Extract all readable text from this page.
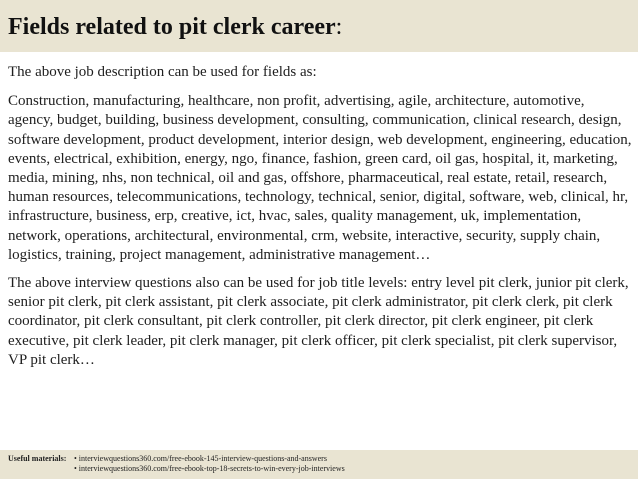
Fields related to pit clerk career:

The above job description can be used for fields as:

Construction, manufacturing, healthcare, non profit, advertising, agile, architecture, automotive, agency, budget, building, business development, consulting, communication, clinical research, design, software development, product development, interior design, web development, engineering, education, events, electrical, exhibition, energy, ngo, finance, fashion, green card, oil gas, hospital, it, marketing, media, mining, nhs, non technical, oil and gas, offshore, pharmaceutical, real estate, retail, research, human resources, telecommunications, technology, technical, senior, digital, software, web, clinical, hr, infrastructure, business, erp, creative, ict, hvac, sales, quality management, uk, implementation, network, operations, architectural, environmental, crm, website, interactive, security, supply chain, logistics, training, project management, administrative management…

The above interview questions also can be used for job title levels: entry level pit clerk, junior pit clerk, senior pit clerk, pit clerk assistant, pit clerk associate, pit clerk administrator, pit clerk clerk, pit clerk coordinator, pit clerk consultant, pit clerk controller, pit clerk director, pit clerk engineer, pit clerk executive, pit clerk leader, pit clerk manager, pit clerk officer, pit clerk specialist, pit clerk supervisor, VP pit clerk…

Useful materials: • interviewquestions360.com/free-ebook-145-interview-questions-and-answers
• interviewquestions360.com/free-ebook-top-18-secrets-to-win-every-job-interviews
